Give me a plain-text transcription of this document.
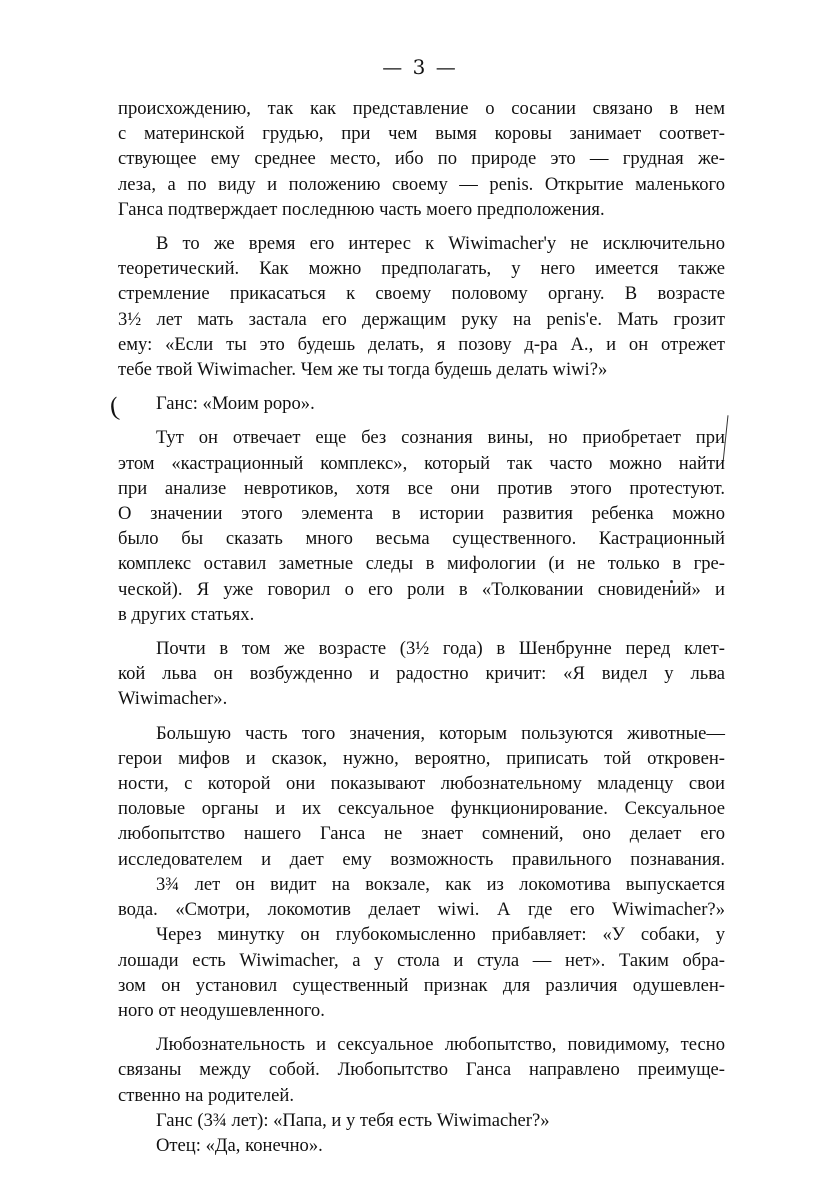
— 3 —
(
происхождению, так как представление о сосании связано в нем
с материнской грудью, при чем вымя коровы занимает соответ-
ствующее ему среднее место, ибо по природе это — грудная же-
леза, а по виду и положению своему — penis. Открытие маленького
Ганса подтверждает последнюю часть моего предположения.
В то же время его интерес к Wiwimacher'у не исключительно
теоретический. Как можно предполагать, у него имеется также
стремление прикасаться к своему половому органу. В возрасте
3½ лет мать застала его держащим руку на penis'е. Мать грозит
ему: «Если ты это будешь делать, я позову д-ра А., и он отрежет
тебе твой Wiwimacher. Чем же ты тогда будешь делать wiwi?»
Ганс: «Моим роро».
Тут он отвечает еще без сознания вины, но приобретает при
этом «кастрационный комплекс», который так часто можно найти
при анализе невротиков, хотя все они против этого протестуют.
О значении этого элемента в истории развития ребенка можно
было бы сказать много весьма существенного. Кастрационный
комплекс оставил заметные следы в мифологии (и не только в гре-
ческой). Я уже говорил о его роли в «Толковании сновидений» и
в других статьях.
Почти в том же возрасте (3½ года) в Шенбрунне перед клет-
кой льва он возбужденно и радостно кричит: «Я видел у льва
Wiwimacher».
Большую часть того значения, которым пользуются животные—
герои мифов и сказок, нужно, вероятно, приписать той откровен-
ности, с которой они показывают любознательному младенцу свои
половые органы и их сексуальное функционирование. Сексуальное
любопытство нашего Ганса не знает сомнений, оно делает его
исследователем и дает ему возможность правильного познавания.
3¾ лет он видит на вокзале, как из локомотива выпускается
вода. «Смотри, локомотив делает wiwi. А где его Wiwimacher?»
Через минутку он глубокомысленно прибавляет: «У собаки, у
лошади есть Wiwimacher, а у стола и стула — нет». Таким обра-
зом он установил существенный признак для различия одушевлен-
ного от неодушевленного.
Любознательность и сексуальное любопытство, повидимому, тесно
связаны между собой. Любопытство Ганса направлено преимуще-
ственно на родителей.
Ганс (3¾ лет): «Папа, и у тебя есть Wiwimacher?»
Отец: «Да, конечно».
